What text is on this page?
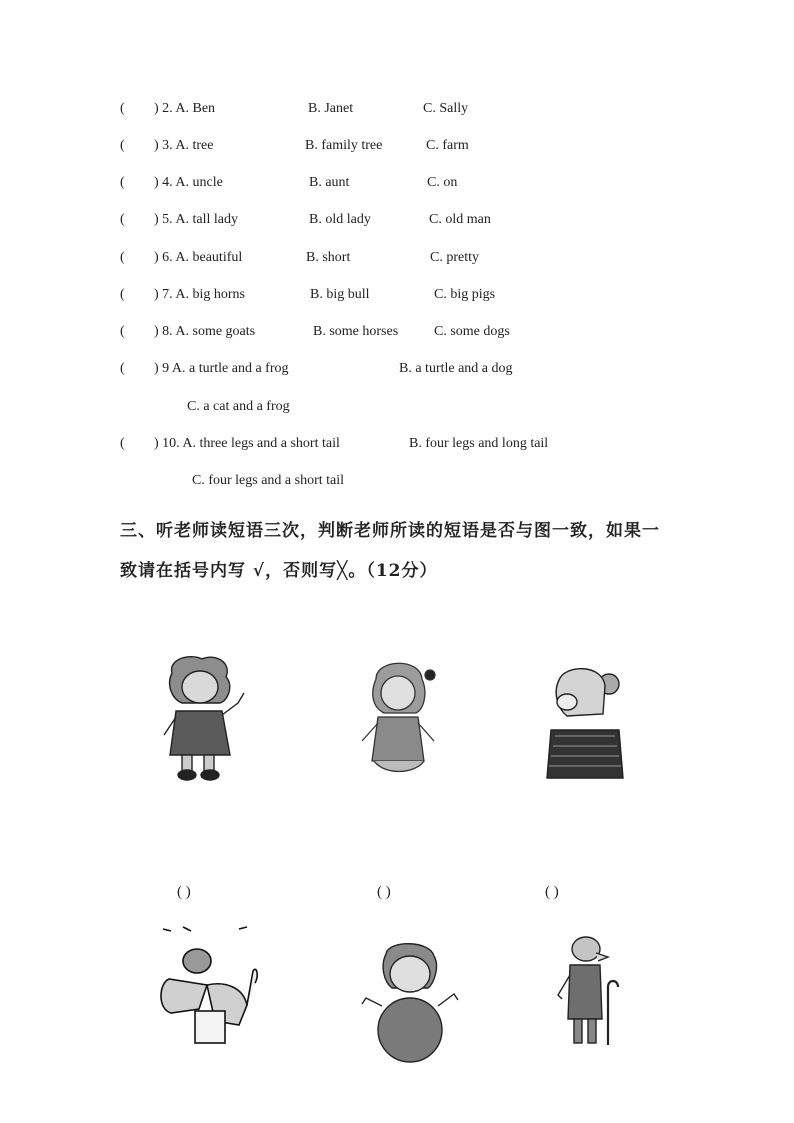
( ) 2. A. Ben	B. Janet	C. Sally
( ) 3. A. tree	B. family tree	C. farm
( ) 4. A. uncle	B. aunt	C. on
( ) 5. A. tall lady	B. old lady	C. old man
( ) 6. A. beautiful	B. short	C. pretty
( ) 7. A. big horns	B. big bull	C. big pigs
( ) 8. A. some goats	B. some horses	C. some dogs
( ) 9 A. a turtle and a frog	B. a turtle and a dog
C. a cat and a frog
( ) 10. A. three legs and a short tail	B. four legs and long tail
C. four legs and a short tail
三、听老师读短语三次，判断老师所读的短语是否与图一致，如果一
致请在括号内写 √，否则写╳。（12分）
( )	( )	( )
